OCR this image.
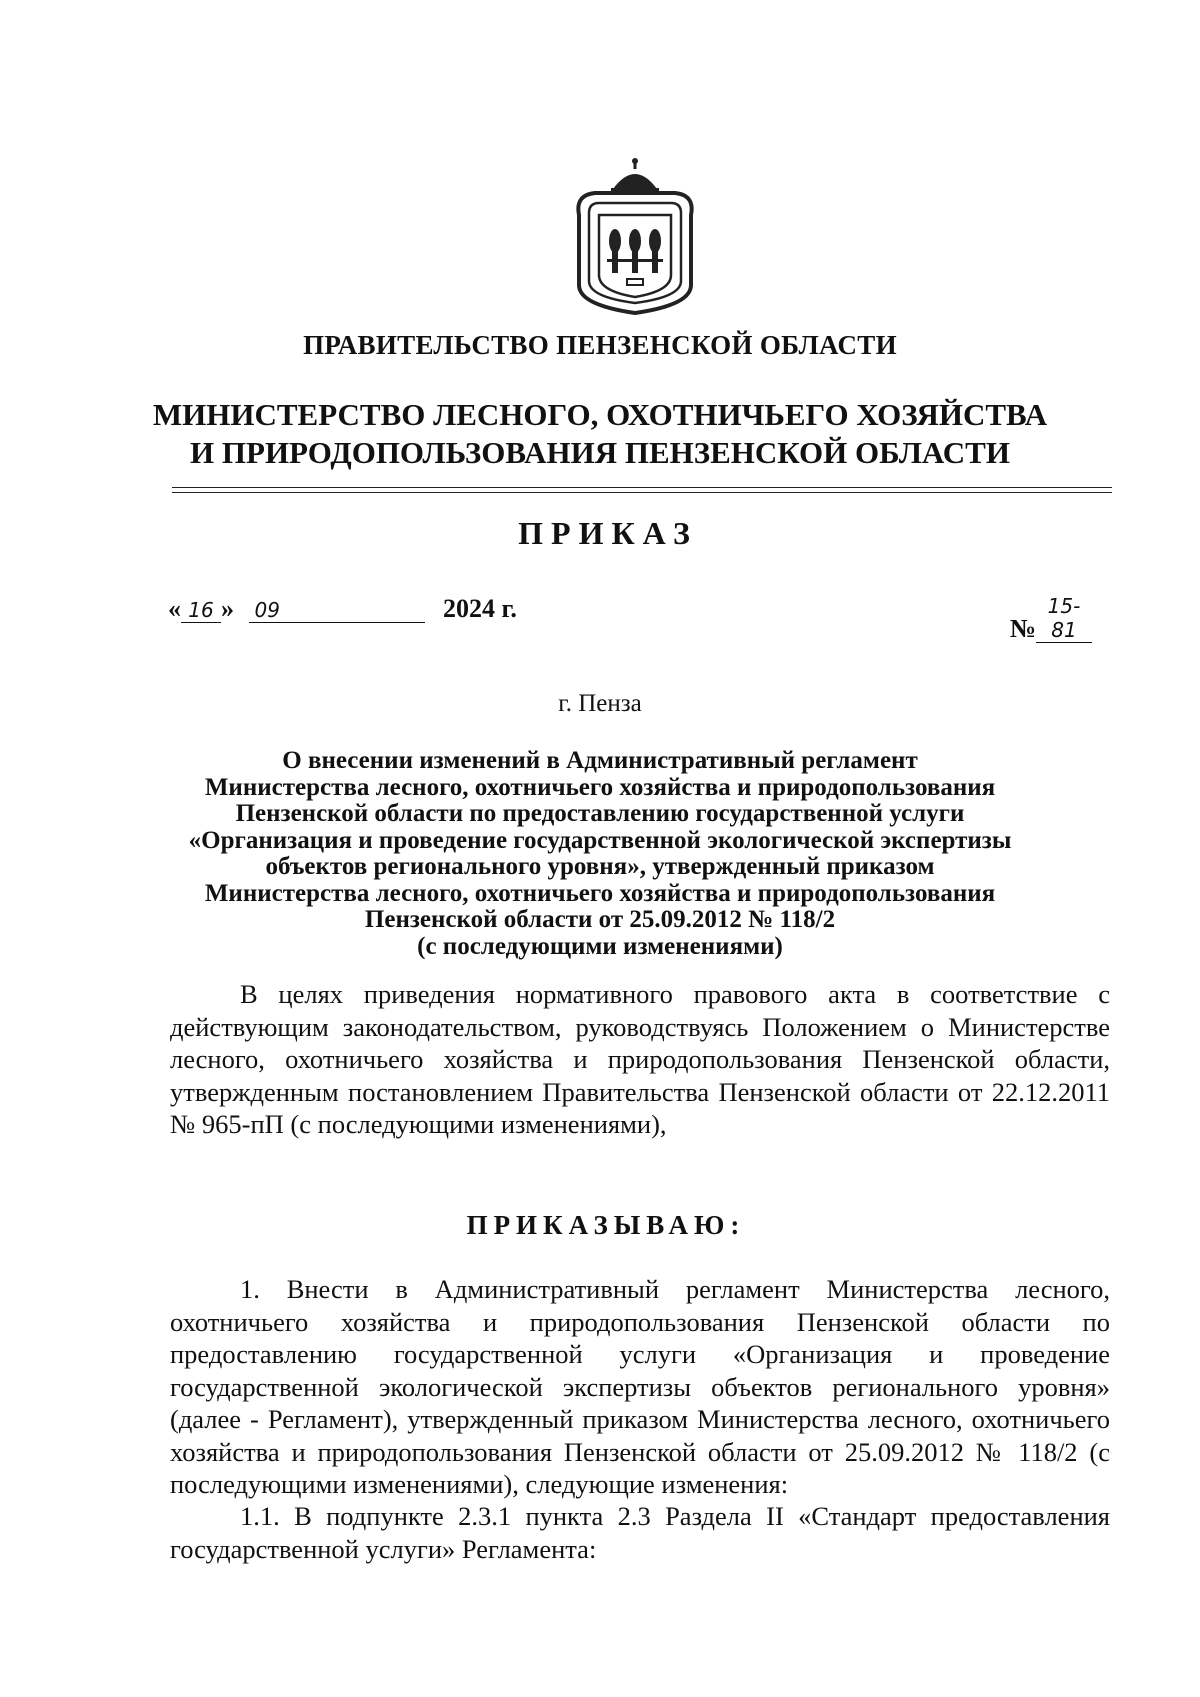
ПРАВИТЕЛЬСТВО ПЕНЗЕНСКОЙ ОБЛАСТИ
МИНИСТЕРСТВО ЛЕСНОГО, ОХОТНИЧЬЕГО ХОЗЯЙСТВА
И ПРИРОДОПОЛЬЗОВАНИЯ ПЕНЗЕНСКОЙ ОБЛАСТИ
ПРИКАЗ
« 16 » 09	2024 г.
№15-81
г. Пенза
О внесении изменений в Административный регламент
Министерства лесного, охотничьего хозяйства и природопользования
Пензенской области по предоставлению государственной услуги
«Организация и проведение государственной экологической экспертизы
объектов регионального уровня», утвержденный приказом
Министерства лесного, охотничьего хозяйства и природопользования
Пензенской области от 25.09.2012 № 118/2
(с последующими изменениями)
В целях приведения нормативного правового акта в соответствие с действующим законодательством, руководствуясь Положением о Министерстве лесного, охотничьего хозяйства и природопользования Пензенской области, утвержденным постановлением Правительства Пензенской области от 22.12.2011 № 965-пП (с последующими изменениями),
ПРИКАЗЫВАЮ:
1. Внести в Административный регламент Министерства лесного, охотничьего хозяйства и природопользования Пензенской области по предоставлению государственной услуги «Организация и проведение государственной экологической экспертизы объектов регионального уровня» (далее - Регламент), утвержденный приказом Министерства лесного, охотничьего хозяйства и природопользования Пензенской области от 25.09.2012 № 118/2 (с последующими изменениями), следующие изменения:
1.1. В подпункте 2.3.1 пункта 2.3 Раздела II «Стандарт предоставления государственной услуги» Регламента:
